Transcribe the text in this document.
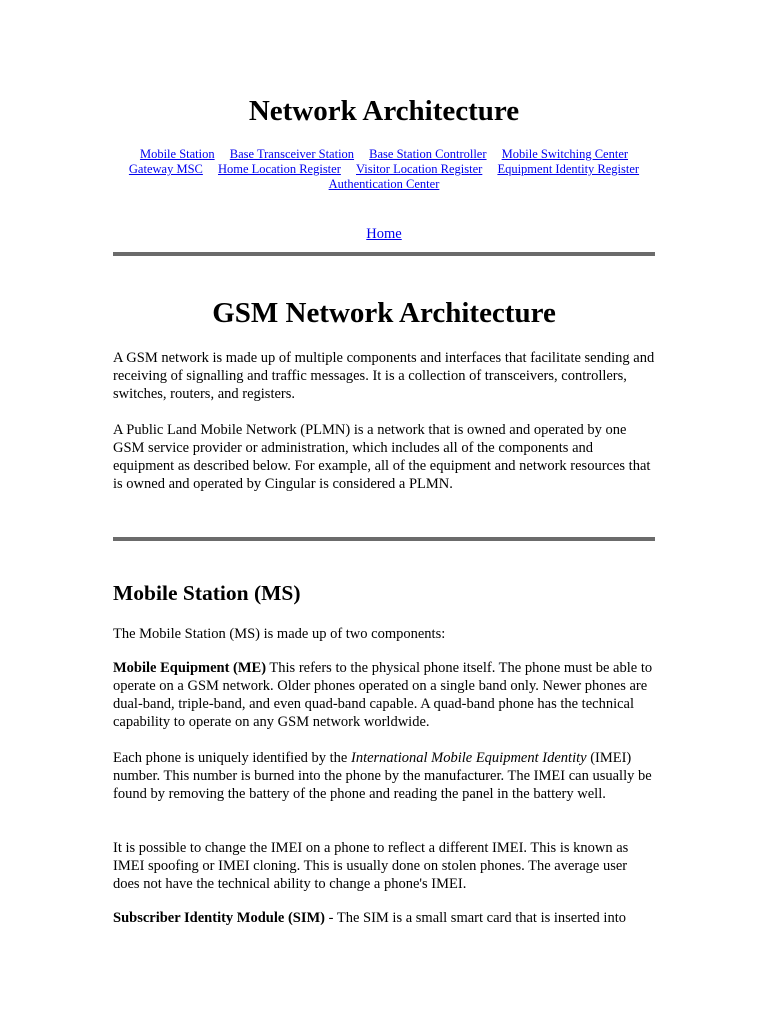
Network Architecture
Mobile Station Base Transceiver Station Base Station Controller Mobile Switching Center Gateway MSC Home Location Register Visitor Location Register Equipment Identity Register Authentication Center
Home
GSM Network Architecture

A GSM network is made up of multiple components and interfaces that facilitate sending and receiving of signalling and traffic messages. It is a collection of transceivers, controllers, switches, routers, and registers.

A Public Land Mobile Network (PLMN) is a network that is owned and operated by one GSM service provider or administration, which includes all of the components and equipment as described below. For example, all of the equipment and network resources that is owned and operated by Cingular is considered a PLMN.

Mobile Station (MS)

The Mobile Station (MS) is made up of two components:

Mobile Equipment (ME) This refers to the physical phone itself. The phone must be able to operate on a GSM network. Older phones operated on a single band only. Newer phones are dual-band, triple-band, and even quad-band capable. A quad-band phone has the technical capability to operate on any GSM network worldwide.

Each phone is uniquely identified by the International Mobile Equipment Identity (IMEI) number. This number is burned into the phone by the manufacturer. The IMEI can usually be found by removing the battery of the phone and reading the panel in the battery well.

It is possible to change the IMEI on a phone to reflect a different IMEI. This is known as IMEI spoofing or IMEI cloning. This is usually done on stolen phones. The average user does not have the technical ability to change a phone's IMEI.

Subscriber Identity Module (SIM) - The SIM is a small smart card that is inserted into
